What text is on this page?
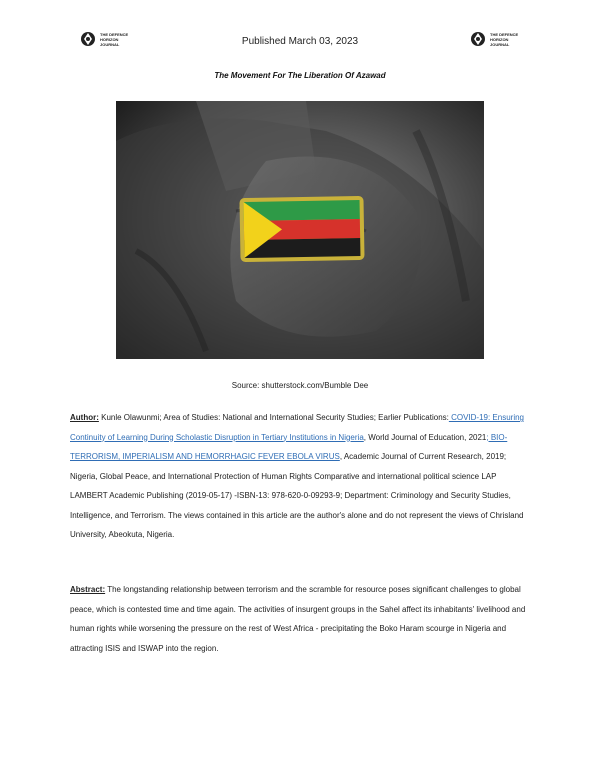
THE DEFENCE
HORIZON
JOURNAL	Published March 03, 2023
THE DEFENCE
HORIZON
JOURNAL
The Movement For The Liberation Of Azawad
Source: shutterstock.com/Bumble Dee
Author: Kunle Olawunmi; Area of Studies: National and International Security Studies; Earlier Publications: COVID-19: Ensuring Continuity of Learning During Scholastic Disruption in Tertiary Institutions in Nigeria, World Journal of Education, 2021; BIO-TERRORISM, IMPERIALISM AND HEMORRHAGIC FEVER EBOLA VIRUS, Academic Journal of Current Research, 2019; Nigeria, Global Peace, and International Protection of Human Rights Comparative and international political science LAP LAMBERT Academic Publishing (2019-05-17) -ISBN-13: 978-620-0-09293-9; Department: Criminology and Security Studies, Intelligence, and Terrorism. The views contained in this article are the author's alone and do not represent the views of Chrisland University, Abeokuta, Nigeria.
Abstract: The longstanding relationship between terrorism and the scramble for resource poses significant challenges to global peace, which is contested time and time again. The activities of insurgent groups in the Sahel affect its inhabitants' livelihood and human rights while worsening the pressure on the rest of West Africa - precipitating the Boko Haram scourge in Nigeria and attracting ISIS and ISWAP into the region.
